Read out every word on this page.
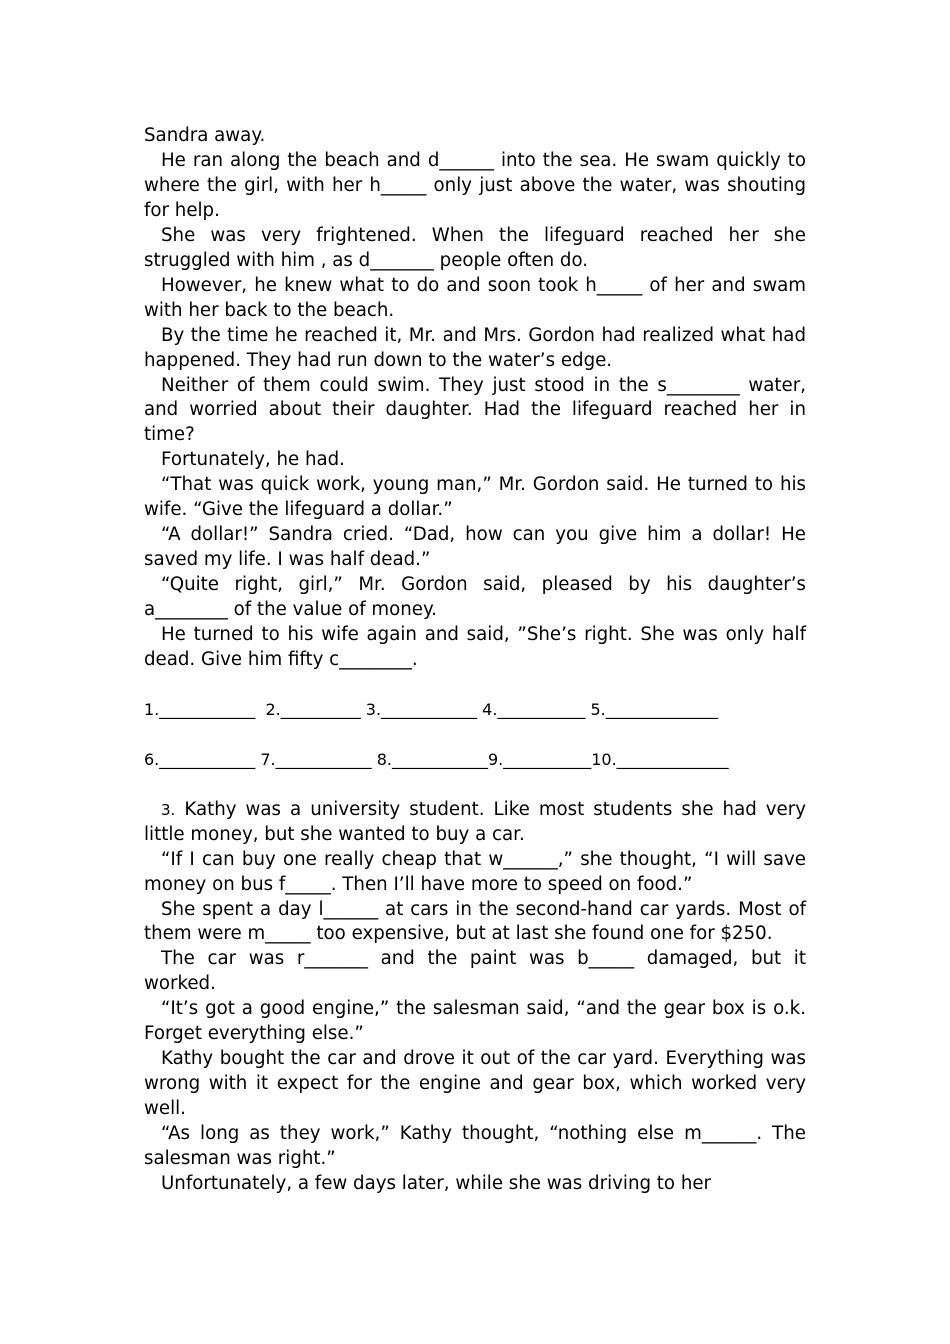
Sandra away.

He ran along the beach and d______ into the sea. He swam quickly to where the girl, with her h_____ only just above the water, was shouting for help.

She was very frightened. When the lifeguard reached her she struggled with him , as d_______ people often do.

However, he knew what to do and soon took h_____ of her and swam with her back to the beach.

By the time he reached it, Mr. and Mrs. Gordon had realized what had happened. They had run down to the water’s edge.

Neither of them could swim. They just stood in the s________ water, and worried about their daughter. Had the lifeguard reached her in time?

Fortunately, he had.

“That was quick work, young man,” Mr. Gordon said. He turned to his wife. “Give the lifeguard a dollar.”

“A dollar!” Sandra cried. “Dad, how can you give him a dollar! He saved my life. I was half dead.”

“Quite right, girl,” Mr. Gordon said, pleased by his daughter’s a________ of the value of money.

He turned to his wife again and said, ”She’s right. She was only half dead. Give him fifty c________.

1.____________  2.__________ 3.____________ 4.___________ 5.______________

6.____________ 7.____________ 8.____________9.___________10.______________

3. Kathy was a university student. Like most students she had very little money, but she wanted to buy a car.

“If I can buy one really cheap that w______,” she thought, “I will save money on bus f_____. Then I’ll have more to speed on food.”

She spent a day l______ at cars in the second-hand car yards. Most of them were m_____ too expensive, but at last she found one for $250.

The car was r_______ and the paint was b_____ damaged, but it worked.

“It’s got a good engine,” the salesman said, “and the gear box is o.k. Forget everything else.”

Kathy bought the car and drove it out of the car yard. Everything was wrong with it expect for the engine and gear box, which worked very well.

“As long as they work,” Kathy thought, “nothing else m______. The salesman was right.”

Unfortunately, a few days later, while she was driving to her
